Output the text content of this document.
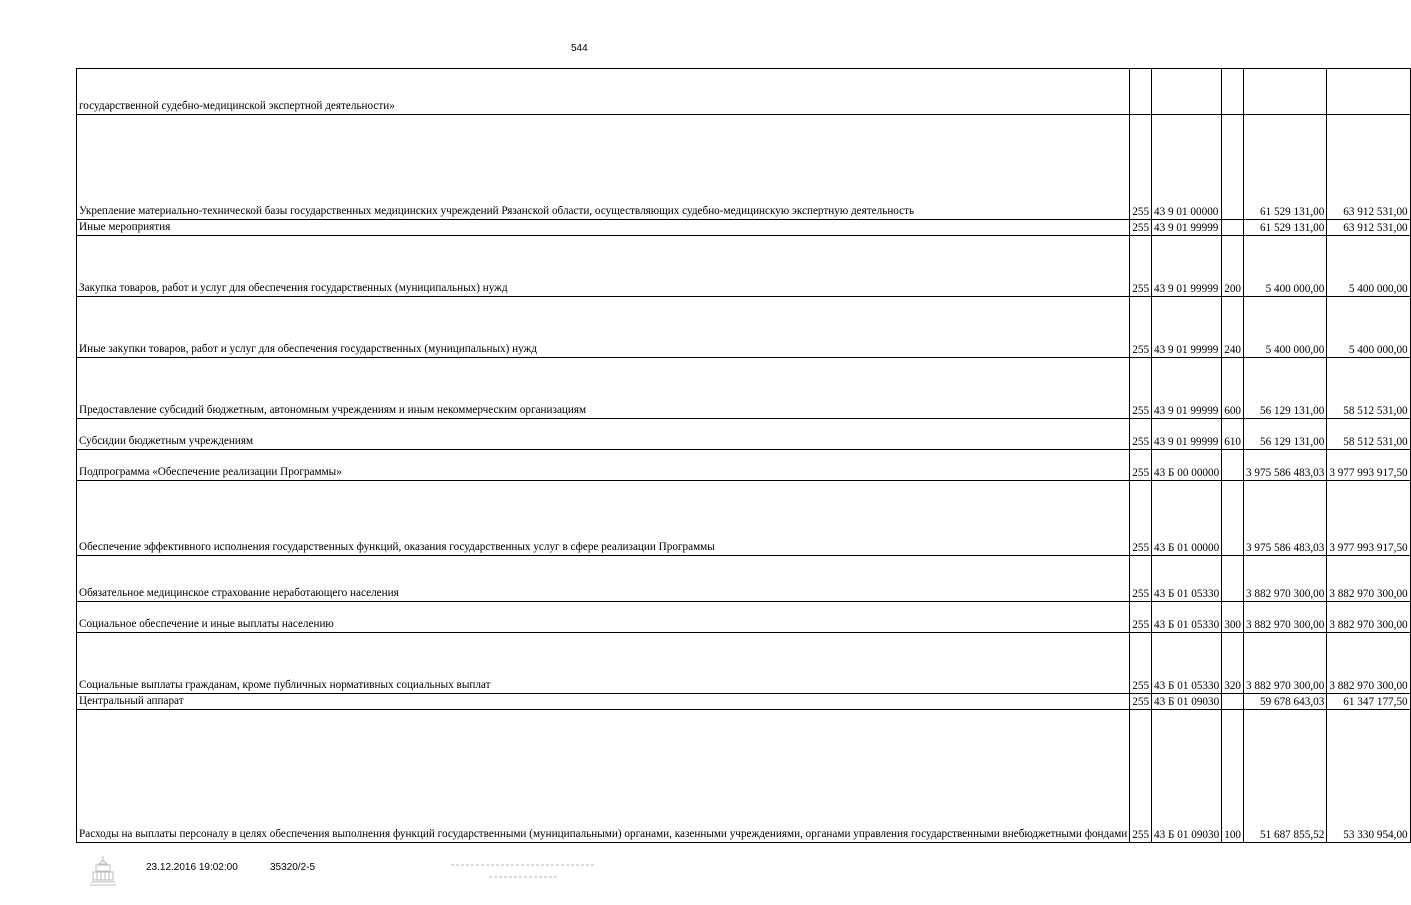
544
государственной судебно-медицинской экспертной деятельности»					
Укрепление материально-технической базы государственных медицинских учреждений Рязанской области, осуществляющих судебно-медицинскую экспертную деятельность	255	43 9 01 00000		61 529 131,00	63 912 531,00
Иные мероприятия	255	43 9 01 99999		61 529 131,00	63 912 531,00
Закупка товаров, работ и услуг для обеспечения государственных (муниципальных) нужд	255	43 9 01 99999	200	5 400 000,00	5 400 000,00
Иные закупки товаров, работ и услуг для обеспечения государственных (муниципальных) нужд	255	43 9 01 99999	240	5 400 000,00	5 400 000,00
Предоставление субсидий бюджетным, автономным учреждениям и иным некоммерческим организациям	255	43 9 01 99999	600	56 129 131,00	58 512 531,00
Субсидии бюджетным учреждениям	255	43 9 01 99999	610	56 129 131,00	58 512 531,00
Подпрограмма «Обеспечение реализации Программы»	255	43 Б 00 00000		3 975 586 483,03	3 977 993 917,50
Обеспечение эффективного исполнения государственных функций, оказания государственных услуг в сфере реализации Программы	255	43 Б 01 00000		3 975 586 483,03	3 977 993 917,50
Обязательное медицинское страхование неработающего населения	255	43 Б 01 05330		3 882 970 300,00	3 882 970 300,00
Социальное обеспечение и иные выплаты населению	255	43 Б 01 05330	300	3 882 970 300,00	3 882 970 300,00
Социальные выплаты гражданам, кроме публичных нормативных социальных выплат	255	43 Б 01 05330	320	3 882 970 300,00	3 882 970 300,00
Центральный аппарат	255	43 Б 01 09030		59 678 643,03	61 347 177,50
Расходы на выплаты персоналу в целях обеспечения выполнения функций государственными (муниципальными) органами, казенными учреждениями, органами управления государственными внебюджетными фондами	255	43 Б 01 09030	100	51 687 855,52	53 330 954,00
23.12.2016 19:02:00	35320/2-5
